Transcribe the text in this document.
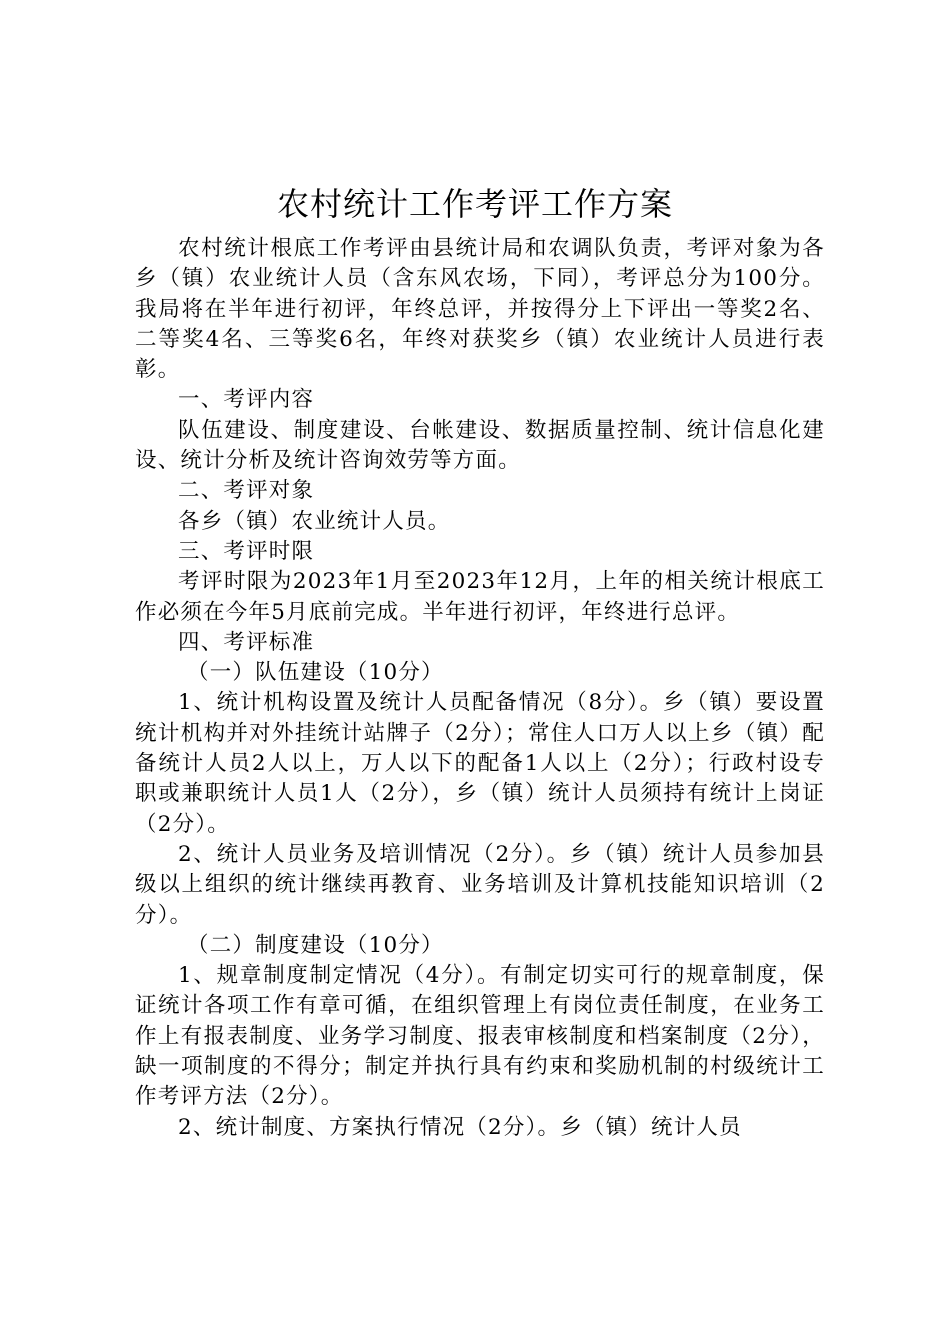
农村统计工作考评工作方案

农村统计根底工作考评由县统计局和农调队负责，考评对象为各乡（镇）农业统计人员（含东风农场，下同），考评总分为100分。我局将在半年进行初评，年终总评，并按得分上下评出一等奖2名、二等奖4名、三等奖6名，年终对获奖乡（镇）农业统计人员进行表彰。

一、考评内容

队伍建设、制度建设、台帐建设、数据质量控制、统计信息化建设、统计分析及统计咨询效劳等方面。

二、考评对象

各乡（镇）农业统计人员。

三、考评时限

考评时限为2023年1月至2023年12月，上年的相关统计根底工作必须在今年5月底前完成。半年进行初评，年终进行总评。

四、考评标准

（一）队伍建设（10分）

1、统计机构设置及统计人员配备情况（8分）。乡（镇）要设置统计机构并对外挂统计站牌子（2分）；常住人口万人以上乡（镇）配备统计人员2人以上，万人以下的配备1人以上（2分）；行政村设专职或兼职统计人员1人（2分），乡（镇）统计人员须持有统计上岗证（2分）。

2、统计人员业务及培训情况（2分）。乡（镇）统计人员参加县级以上组织的统计继续再教育、业务培训及计算机技能知识培训（2分）。

（二）制度建设（10分）

1、规章制度制定情况（4分）。有制定切实可行的规章制度，保证统计各项工作有章可循，在组织管理上有岗位责任制度，在业务工作上有报表制度、业务学习制度、报表审核制度和档案制度（2分），缺一项制度的不得分；制定并执行具有约束和奖励机制的村级统计工作考评方法（2分）。

2、统计制度、方案执行情况（2分）。乡（镇）统计人员
